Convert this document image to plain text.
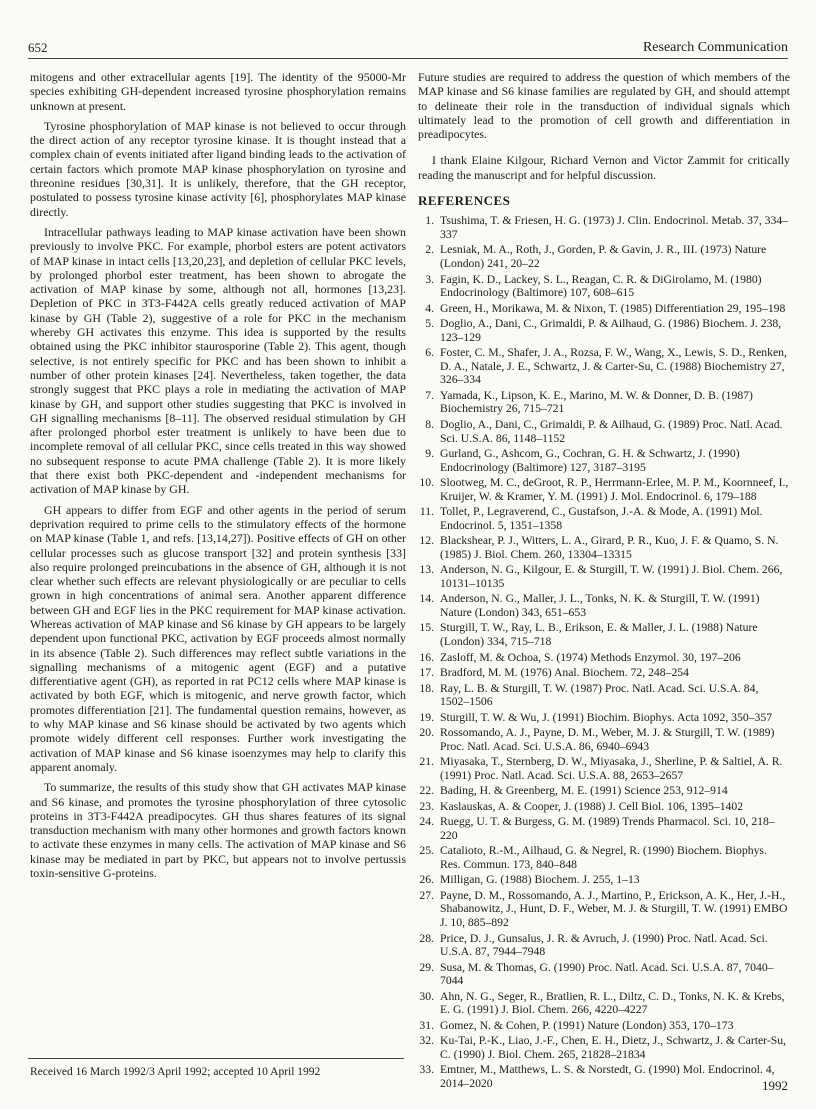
652	Research Communication

mitogens and other extracellular agents [19]. The identity of the 95000-Mr species exhibiting GH-dependent increased tyrosine phosphorylation remains unknown at present.

Tyrosine phosphorylation of MAP kinase is not believed to occur through the direct action of any receptor tyrosine kinase. It is thought instead that a complex chain of events initiated after ligand binding leads to the activation of certain factors which promote MAP kinase phosphorylation on tyrosine and threonine residues [30,31]. It is unlikely, therefore, that the GH receptor, postulated to possess tyrosine kinase activity [6], phosphorylates MAP kinase directly.

Intracellular pathways leading to MAP kinase activation have been shown previously to involve PKC. For example, phorbol esters are potent activators of MAP kinase in intact cells [13,20,23], and depletion of cellular PKC levels, by prolonged phorbol ester treatment, has been shown to abrogate the activation of MAP kinase by some, although not all, hormones [13,23]. Depletion of PKC in 3T3-F442A cells greatly reduced activation of MAP kinase by GH (Table 2), suggestive of a role for PKC in the mechanism whereby GH activates this enzyme. This idea is supported by the results obtained using the PKC inhibitor staurosporine (Table 2). This agent, though selective, is not entirely specific for PKC and has been shown to inhibit a number of other protein kinases [24]. Nevertheless, taken together, the data strongly suggest that PKC plays a role in mediating the activation of MAP kinase by GH, and support other studies suggesting that PKC is involved in GH signalling mechanisms [8–11]. The observed residual stimulation by GH after prolonged phorbol ester treatment is unlikely to have been due to incomplete removal of all cellular PKC, since cells treated in this way showed no subsequent response to acute PMA challenge (Table 2). It is more likely that there exist both PKC-dependent and -independent mechanisms for activation of MAP kinase by GH.

GH appears to differ from EGF and other agents in the period of serum deprivation required to prime cells to the stimulatory effects of the hormone on MAP kinase (Table 1, and refs. [13,14,27]). Positive effects of GH on other cellular processes such as glucose transport [32] and protein synthesis [33] also require prolonged preincubations in the absence of GH, although it is not clear whether such effects are relevant physiologically or are peculiar to cells grown in high concentrations of animal sera. Another apparent difference between GH and EGF lies in the PKC requirement for MAP kinase activation. Whereas activation of MAP kinase and S6 kinase by GH appears to be largely dependent upon functional PKC, activation by EGF proceeds almost normally in its absence (Table 2). Such differences may reflect subtle variations in the signalling mechanisms of a mitogenic agent (EGF) and a putative differentiative agent (GH), as reported in rat PC12 cells where MAP kinase is activated by both EGF, which is mitogenic, and nerve growth factor, which promotes differentiation [21]. The fundamental question remains, however, as to why MAP kinase and S6 kinase should be activated by two agents which promote widely different cell responses. Further work investigating the activation of MAP kinase and S6 kinase isoenzymes may help to clarify this apparent anomaly.

To summarize, the results of this study show that GH activates MAP kinase and S6 kinase, and promotes the tyrosine phosphorylation of three cytosolic proteins in 3T3-F442A preadipocytes. GH thus shares features of its signal transduction mechanism with many other hormones and growth factors known to activate these enzymes in many cells. The activation of MAP kinase and S6 kinase may be mediated in part by PKC, but appears not to involve pertussis toxin-sensitive G-proteins.

Future studies are required to address the question of which members of the MAP kinase and S6 kinase families are regulated by GH, and should attempt to delineate their role in the transduction of individual signals which ultimately lead to the promotion of cell growth and differentiation in preadipocytes.

I thank Elaine Kilgour, Richard Vernon and Victor Zammit for critically reading the manuscript and for helpful discussion.

REFERENCES
1. Tsushima, T. & Friesen, H. G. (1973) J. Clin. Endocrinol. Metab. 37, 334–337
2. Lesniak, M. A., Roth, J., Gorden, P. & Gavin, J. R., III. (1973) Nature (London) 241, 20–22
3. Fagin, K. D., Lackey, S. L., Reagan, C. R. & DiGirolamo, M. (1980) Endocrinology (Baltimore) 107, 608–615
4. Green, H., Morikawa, M. & Nixon, T. (1985) Differentiation 29, 195–198
5. Doglio, A., Dani, C., Grimaldi, P. & Ailhaud, G. (1986) Biochem. J. 238, 123–129
6. Foster, C. M., Shafer, J. A., Rozsa, F. W., Wang, X., Lewis, S. D., Renken, D. A., Natale, J. E., Schwartz, J. & Carter-Su, C. (1988) Biochemistry 27, 326–334
7. Yamada, K., Lipson, K. E., Marino, M. W. & Donner, D. B. (1987) Biochemistry 26, 715–721
8. Doglio, A., Dani, C., Grimaldi, P. & Ailhaud, G. (1989) Proc. Natl. Acad. Sci. U.S.A. 86, 1148–1152
9. Gurland, G., Ashcom, G., Cochran, G. H. & Schwartz, J. (1990) Endocrinology (Baltimore) 127, 3187–3195
10. Slootweg, M. C., deGroot, R. P., Herrmann-Erlee, M. P. M., Koornneef, I., Kruijer, W. & Kramer, Y. M. (1991) J. Mol. Endocrinol. 6, 179–188
11. Tollet, P., Legraverend, C., Gustafson, J.-A. & Mode, A. (1991) Mol. Endocrinol. 5, 1351–1358
12. Blackshear, P. J., Witters, L. A., Girard, P. R., Kuo, J. F. & Quamo, S. N. (1985) J. Biol. Chem. 260, 13304–13315
13. Anderson, N. G., Kilgour, E. & Sturgill, T. W. (1991) J. Biol. Chem. 266, 10131–10135
14. Anderson, N. G., Maller, J. L., Tonks, N. K. & Sturgill, T. W. (1991) Nature (London) 343, 651–653
15. Sturgill, T. W., Ray, L. B., Erikson, E. & Maller, J. L. (1988) Nature (London) 334, 715–718
16. Zasloff, M. & Ochoa, S. (1974) Methods Enzymol. 30, 197–206
17. Bradford, M. M. (1976) Anal. Biochem. 72, 248–254
18. Ray, L. B. & Sturgill, T. W. (1987) Proc. Natl. Acad. Sci. U.S.A. 84, 1502–1506
19. Sturgill, T. W. & Wu, J. (1991) Biochim. Biophys. Acta 1092, 350–357
20. Rossomando, A. J., Payne, D. M., Weber, M. J. & Sturgill, T. W. (1989) Proc. Natl. Acad. Sci. U.S.A. 86, 6940–6943
21. Miyasaka, T., Sternberg, D. W., Miyasaka, J., Sherline, P. & Saltiel, A. R. (1991) Proc. Natl. Acad. Sci. U.S.A. 88, 2653–2657
22. Bading, H. & Greenberg, M. E. (1991) Science 253, 912–914
23. Kaslauskas, A. & Cooper, J. (1988) J. Cell Biol. 106, 1395–1402
24. Ruegg, U. T. & Burgess, G. M. (1989) Trends Pharmacol. Sci. 10, 218–220
25. Catalioto, R.-M., Ailhaud, G. & Negrel, R. (1990) Biochem. Biophys. Res. Commun. 173, 840–848
26. Milligan, G. (1988) Biochem. J. 255, 1–13
27. Payne, D. M., Rossomando, A. J., Martino, P., Erickson, A. K., Her, J.-H., Shabanowitz, J., Hunt, D. F., Weber, M. J. & Sturgill, T. W. (1991) EMBO J. 10, 885–892
28. Price, D. J., Gunsalus, J. R. & Avruch, J. (1990) Proc. Natl. Acad. Sci. U.S.A. 87, 7944–7948
29. Susa, M. & Thomas, G. (1990) Proc. Natl. Acad. Sci. U.S.A. 87, 7040–7044
30. Ahn, N. G., Seger, R., Bratlien, R. L., Diltz, C. D., Tonks, N. K. & Krebs, E. G. (1991) J. Biol. Chem. 266, 4220–4227
31. Gomez, N. & Cohen, P. (1991) Nature (London) 353, 170–173
32. Ku-Tai, P.-K., Liao, J.-F., Chen, E. H., Dietz, J., Schwartz, J. & Carter-Su, C. (1990) J. Biol. Chem. 265, 21828–21834
33. Emtner, M., Matthews, L. S. & Norstedt, G. (1990) Mol. Endocrinol. 4, 2014–2020
Received 16 March 1992/3 April 1992; accepted 10 April 1992
1992
